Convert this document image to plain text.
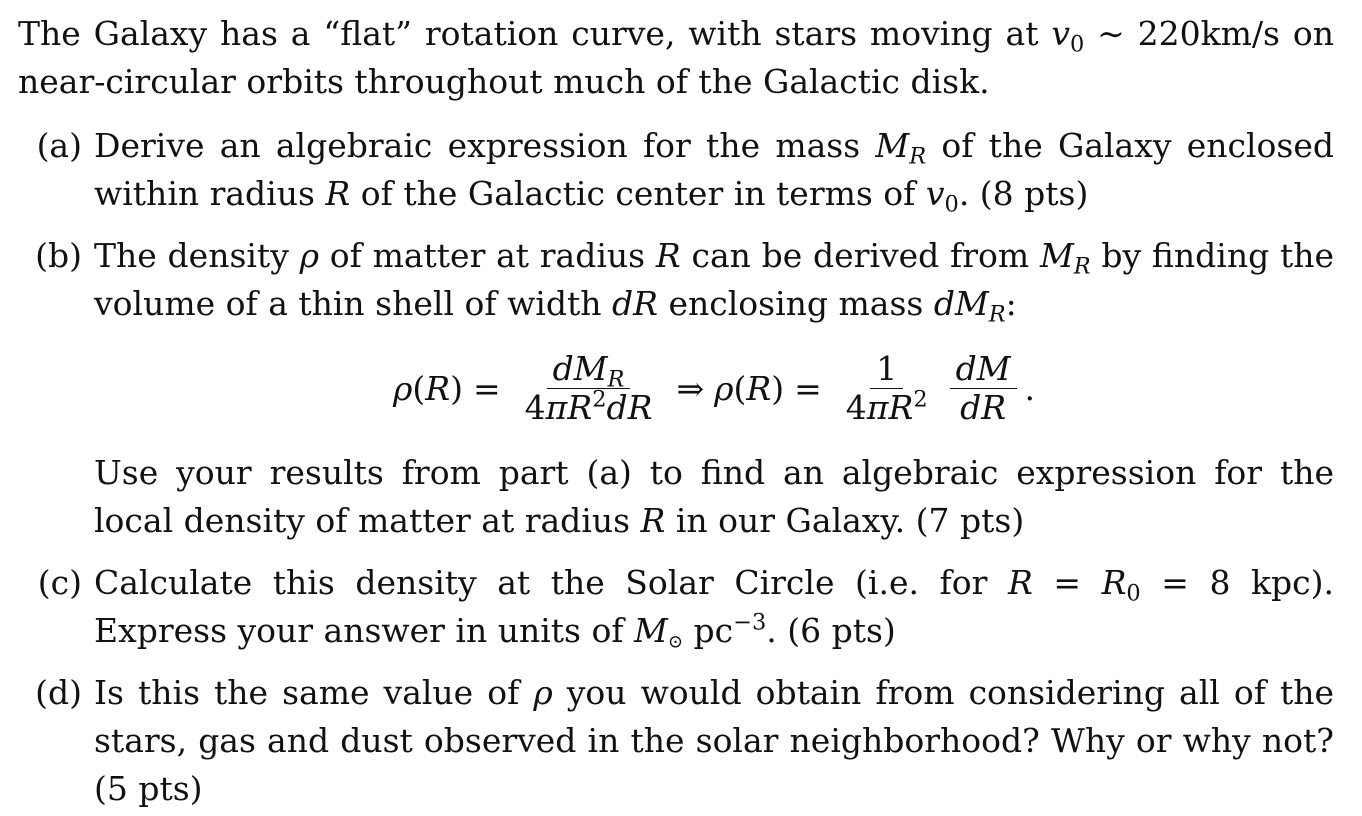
The Galaxy has a “flat” rotation curve, with stars moving at $v_0$ ∼ 220km/s on near-circular orbits throughout much of the Galactic disk.

(a) Derive an algebraic expression for the mass $M_R$ of the Galaxy enclosed within radius R of the Galactic center in terms of $v_0$. (8 pts)
(b) The density ρ of matter at radius R can be derived from $M_R$ by finding the volume of a thin shell of width dR enclosing mass $dM_R$:
ρ ( R ) = $\frac{dM_R}{4\pi R^2dR}$ ⇒ ρ ( R ) = $\frac{1}{4\pi R^2} \frac{dM}{dR}$ .
Use your results from part (a) to find an algebraic expression for the local density of matter at radius R in our Galaxy. (7 pts)
(c) Calculate this density at the Solar Circle (i.e. for $R = R_0 = 8$ kpc). Express your answer in units of M⊙ $pc^{-3}$. (6 pts)
(d) Is this the same value of ρ you would obtain from considering all of the stars, gas and dust observed in the solar neighborhood? Why or why not? (5 pts)
